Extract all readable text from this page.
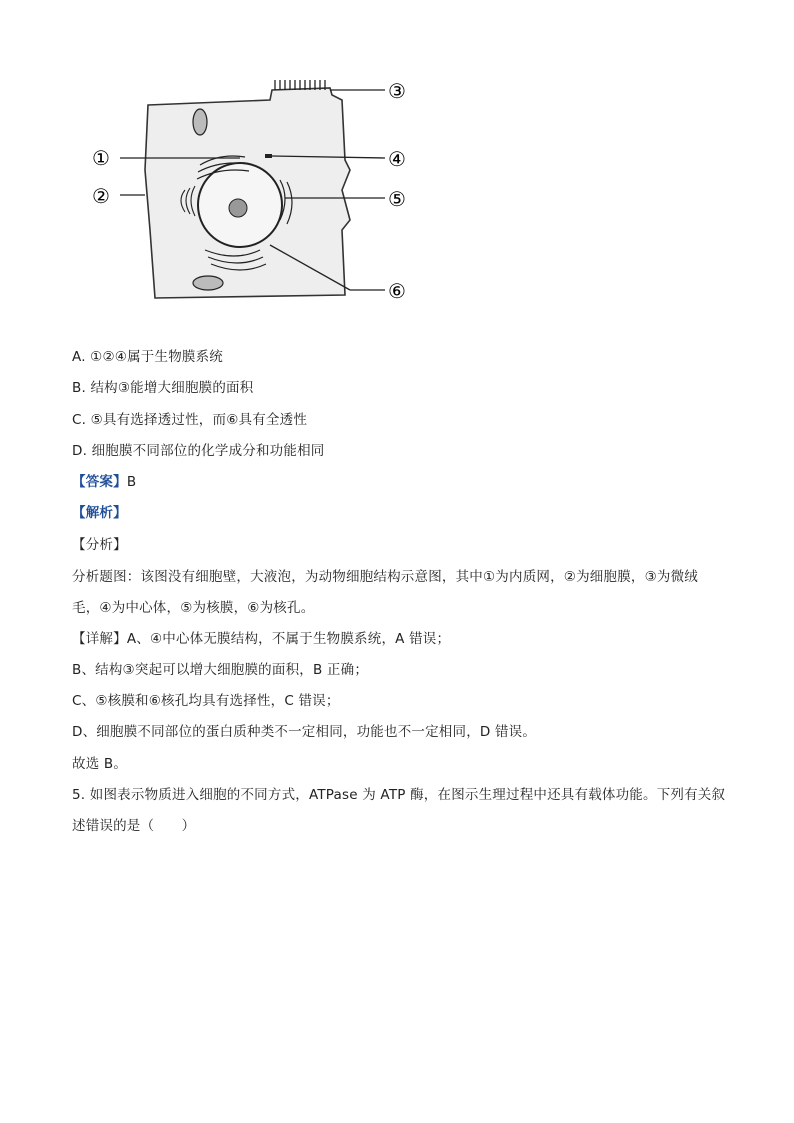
①
②
③
④
⑤
⑥
A. ①②④属于生物膜系统
B. 结构③能增大细胞膜的面积
C. ⑤具有选择透过性，而⑥具有全透性
D. 细胞膜不同部位的化学成分和功能相同
【答案】B
【解析】
【分析】
分析题图：该图没有细胞壁，大液泡，为动物细胞结构示意图，其中①为内质网，②为细胞膜，③为微绒
毛，④为中心体，⑤为核膜，⑥为核孔。
【详解】A、④中心体无膜结构，不属于生物膜系统，A 错误；
B、结构③突起可以增大细胞膜的面积，B 正确；
C、⑤核膜和⑥核孔均具有选择性，C 错误；
D、细胞膜不同部位的蛋白质种类不一定相同，功能也不一定相同，D 错误。
故选 B。
5. 如图表示物质进入细胞的不同方式，ATPase 为 ATP 酶，在图示生理过程中还具有载体功能。下列有关叙
述错误的是（　　）
